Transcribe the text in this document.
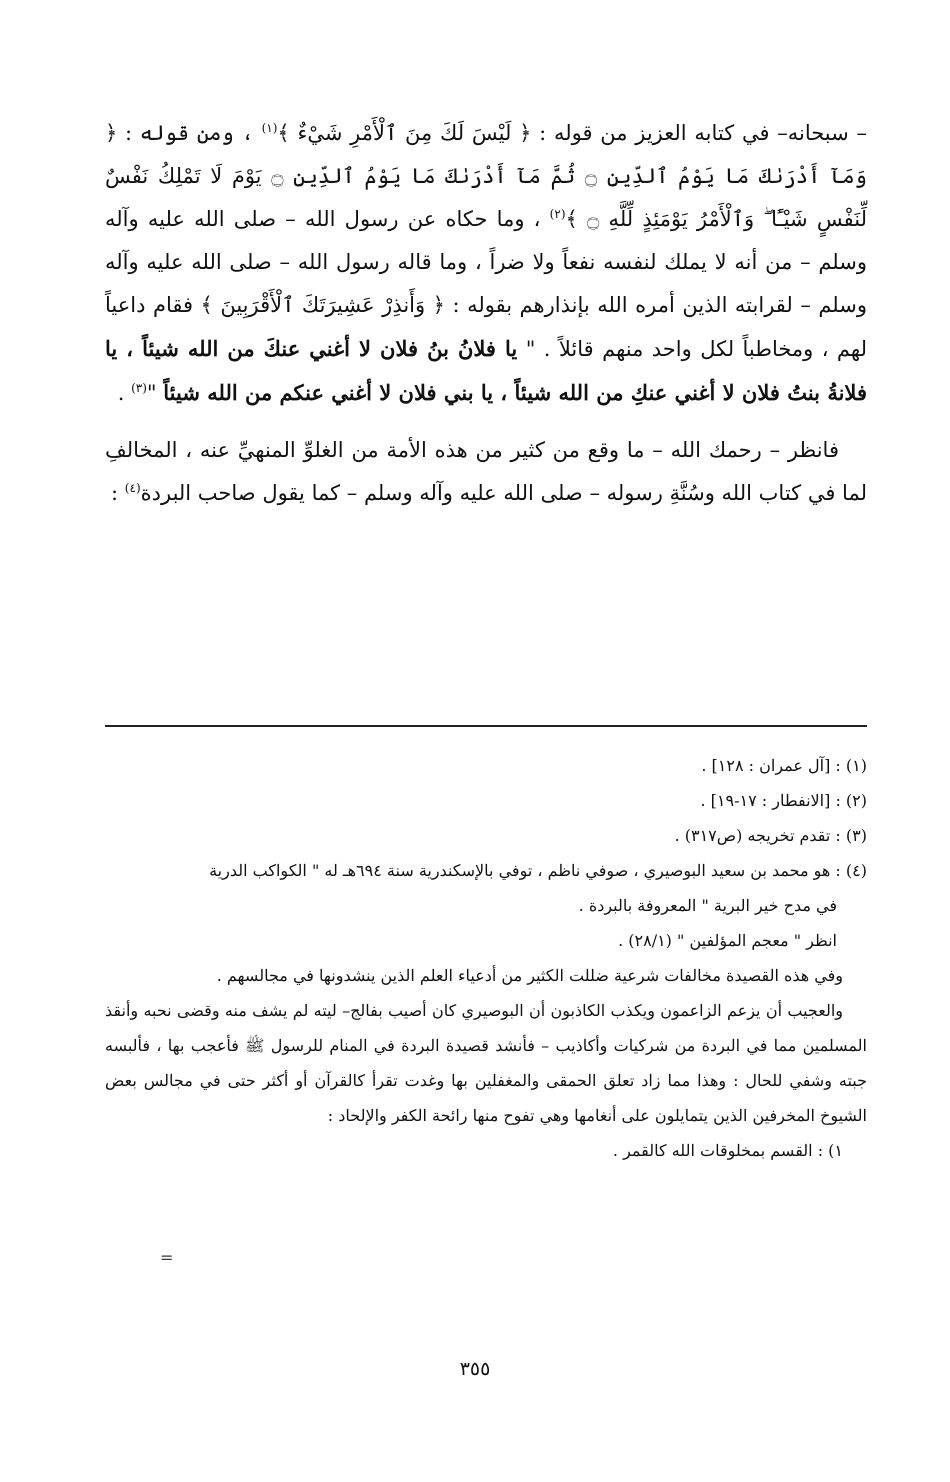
– سبحانه– في كتابه العزيز من قوله : ﴿ لَيْسَ لَكَ مِنَ ٱلْأَمْرِ شَيْءٌ ﴾$^{(١)}$ ، ومن قوله : ﴿ وَمَآ أَدْرَىٰكَ مَا يَوْمُ ٱلدِّينِ ۝ ثُمَّ مَآ أَدْرَىٰكَ مَا يَوْمُ ٱلدِّينِ ۝ يَوْمَ لَا تَمْلِكُ نَفْسٌ لِّنَفْسٍ شَيْـًٔا ۖ وَٱلْأَمْرُ يَوْمَئِذٍ لِّلَّهِ ۝ ﴾$^{(٢)}$ ، وما حكاه عن رسول الله – صلى الله عليه وآله وسلم – من أنه لا يملك لنفسه نفعاً ولا ضراً ، وما قاله رسول الله – صلى الله عليه وآله وسلم – لقرابته الذين أمره الله بإنذارهم بقوله : ﴿ وَأَنذِرْ عَشِيرَتَكَ ٱلْأَقْرَبِينَ ﴾ فقام داعياً لهم ، ومخاطباً لكل واحد منهم قائلاً . " يا فلانُ بنُ فلان لا أغني عنكَ من الله شيئاً ، يا فلانةُ بنتُ فلان لا أغني عنكِ من الله شيئاً ، يا بني فلان لا أغني عنكم من الله شيئاً "$^{(٣)}$ .

فانظر – رحمك الله – ما وقع من كثير من هذه الأمة من الغلوِّ المنهيِّ عنه ، المخالفِ لما في كتاب الله وسُنَّةِ رسوله – صلى الله عليه وآله وسلم – كما يقول صاحب البردة$^{(٤)}$ :

(١) : [آل عمران : ١٢٨] .
(٢) : [الانفطار : ١٧-١٩] .
(٣) : تقدم تخريجه (ص٣١٧) .
(٤) : هو محمد بن سعيد البوصيري ، صوفي ناظم ، توفي بالإسكندرية سنة ٦٩٤هـ له " الكواكب الدرية
في مدح خير البرية " المعروفة بالبردة .
انظر " معجم المؤلفين " (٢٨/١) .
وفي هذه القصيدة مخالفات شرعية ضللت الكثير من أدعياء العلم الذين ينشدونها في مجالسهم .
والعجيب أن يزعم الزاعمون ويكذب الكاذبون أن البوصيري كان أصيب بفالج– ليته لم يشف منه وقضى نحبه وأنقذ المسلمين مما في البردة من شركيات وأكاذيب – فأنشد قصيدة البردة في المنام للرسول ﷺ فأعجب بها ، فألبسه جبته وشفي للحال : وهذا مما زاد تعلق الحمقى والمغفلين بها وغدت تقرأ كالقرآن أو أكثر حتى في مجالس بعض الشيوخ المخرفين الذين يتمايلون على أنغامها وهي تفوح منها رائحة الكفر والإلحاد :
١) : القسم بمخلوقات الله كالقمر .
=
٣٥٥
